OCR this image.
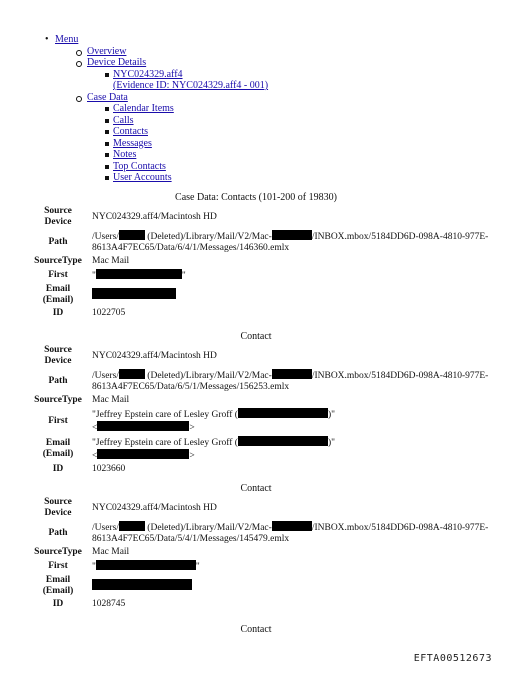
• Menu
Overview
Device Details
NYC024329.aff4
(Evidence ID: NYC024329.aff4 - 001)
Case Data
Calendar Items
Calls
Contacts
Messages
Notes
Top Contacts
User Accounts
Case Data: Contacts (101-200 of 19830)
Source Device	NYC024329.aff4/Macintosh HD
Path	/Users/ (Deleted)/Library/Mail/V2/Mac- /INBOX.mbox/5184DD6D-098A-4810-977E-8613A4F7EC65/Data/6/4/1/Messages/146360.emlx
SourceType	Mac Mail
First	" "
Email (Email)	
ID	1022705
Contact
Source Device	NYC024329.aff4/Macintosh HD
Path	/Users/ (Deleted)/Library/Mail/V2/Mac- /INBOX.mbox/5184DD6D-098A-4810-977E-8613A4F7EC65/Data/6/5/1/Messages/156253.emlx
SourceType	Mac Mail
First	"Jeffrey Epstein care of Lesley Groff ( )"
< >
Email (Email)	"Jeffrey Epstein care of Lesley Groff ( )"
< >
ID	1023660
Contact
Source Device	NYC024329.aff4/Macintosh HD
Path	/Users/ (Deleted)/Library/Mail/V2/Mac- /INBOX.mbox/5184DD6D-098A-4810-977E-8613A4F7EC65/Data/5/4/1/Messages/145479.emlx
SourceType	Mac Mail
First	" "
Email (Email)	
ID	1028745
Contact
EFTA00512673
